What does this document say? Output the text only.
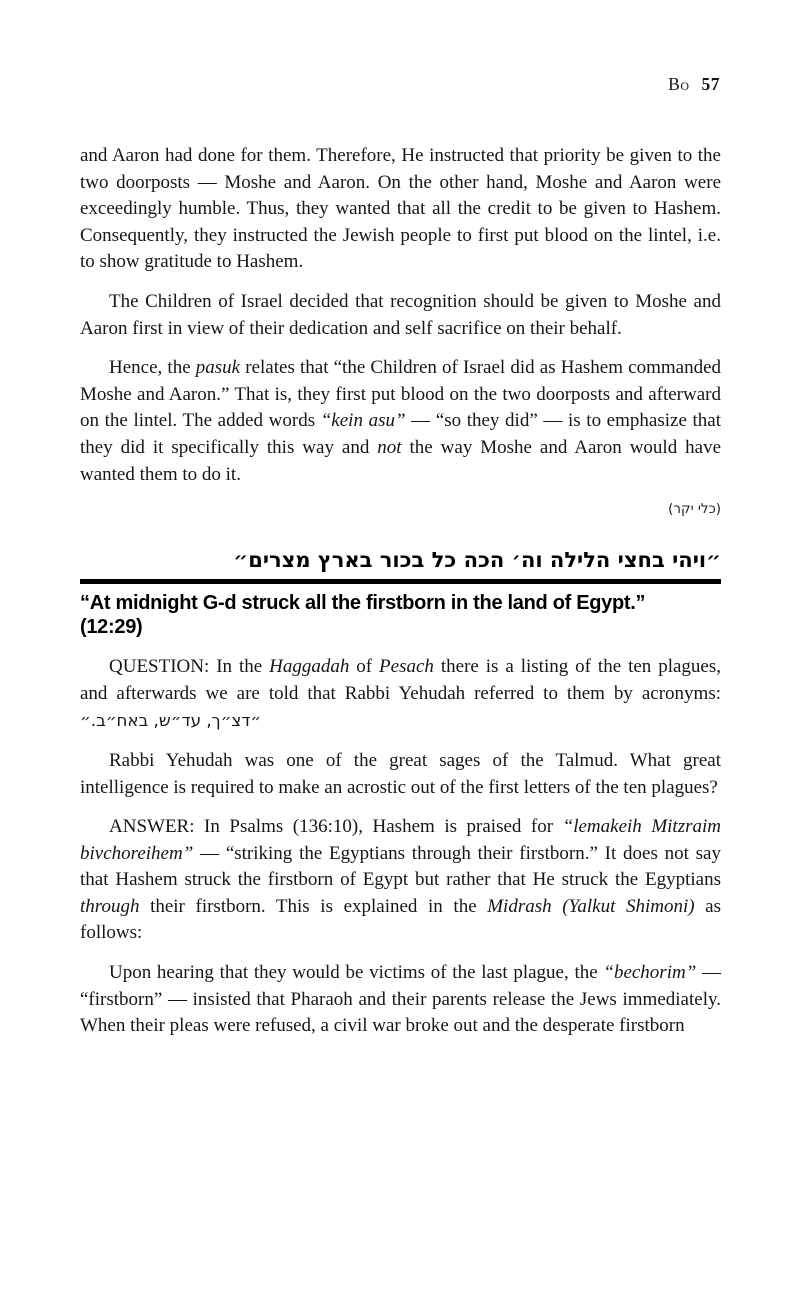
Bo 57

and Aaron had done for them. Therefore, He instructed that priority be given to the two doorposts — Moshe and Aaron. On the other hand, Moshe and Aaron were exceedingly humble. Thus, they wanted that all the credit to be given to Hashem. Consequently, they instructed the Jewish people to first put blood on the lintel, i.e. to show gratitude to Hashem.

The Children of Israel decided that recognition should be given to Moshe and Aaron first in view of their dedication and self sacrifice on their behalf.

Hence, the pasuk relates that “the Children of Israel did as Hashem commanded Moshe and Aaron.” That is, they first put blood on the two doorposts and afterward on the lintel. The added words “kein asu” — “so they did” — is to emphasize that they did it specifically this way and not the way Moshe and Aaron would have wanted them to do it.

(כלי יקר)
״ויהי בחצי הלילה וה׳ הכה כל בכור בארץ מצרים״
“At midnight G-d struck all the firstborn in the land of Egypt.”
(12:29)

QUESTION: In the Haggadah of Pesach there is a listing of the ten plagues, and afterwards we are told that Rabbi Yehudah referred to them by acronyms: ״דצ״ך, עד״ש, באח״ב.״

Rabbi Yehudah was one of the great sages of the Talmud. What great intelligence is required to make an acrostic out of the first letters of the ten plagues?

ANSWER: In Psalms (136:10), Hashem is praised for “lemakeih Mitzraim bivchoreihem” — “striking the Egyptians through their firstborn.” It does not say that Hashem struck the firstborn of Egypt but rather that He struck the Egyptians through their firstborn. This is explained in the Midrash (Yalkut Shimoni) as follows:

Upon hearing that they would be victims of the last plague, the “bechorim” — “firstborn” — insisted that Pharaoh and their parents release the Jews immediately. When their pleas were refused, a civil war broke out and the desperate firstborn
